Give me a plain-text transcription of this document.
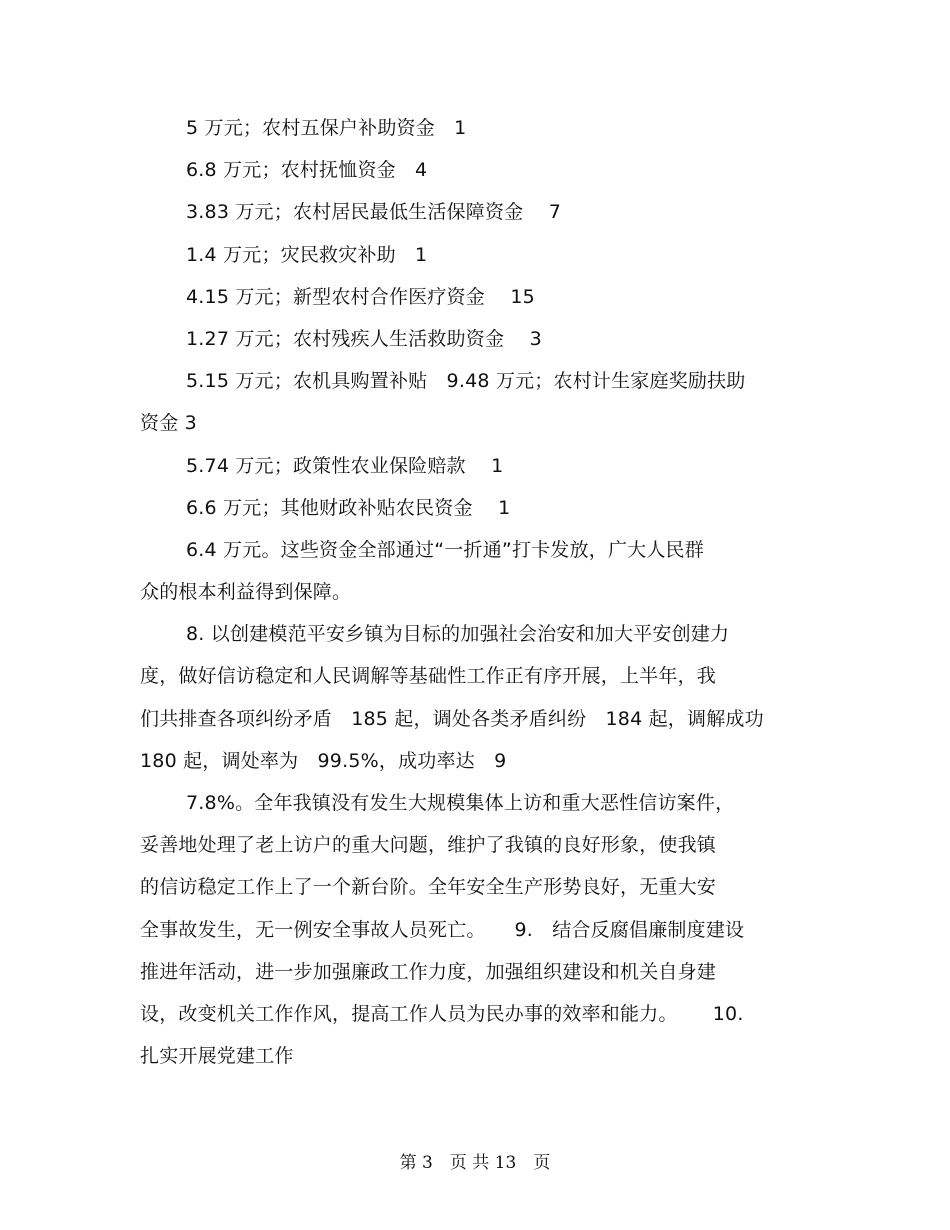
5 万元；农村五保户补助资金　1
6.8 万元；农村抚恤资金　4
3.83 万元；农村居民最低生活保障资金　 7
1.4 万元；灾民救灾补助　1
4.15 万元；新型农村合作医疗资金　 15
1.27 万元；农村残疾人生活救助资金　 3
5.15 万元；农机具购置补贴　9.48 万元；农村计生家庭奖励扶助
资金 3
5.74 万元；政策性农业保险赔款　 1
6.6 万元；其他财政补贴农民资金　 1
6.4 万元。这些资金全部通过“一折通”打卡发放，广大人民群
众的根本利益得到保障。
8. 以创建模范平安乡镇为目标的加强社会治安和加大平安创建力
度，做好信访稳定和人民调解等基础性工作正有序开展，上半年，我
们共排查各项纠纷矛盾　185 起，调处各类矛盾纠纷　184 起，调解成功
180 起，调处率为　99.5%，成功率达　9
7.8%。全年我镇没有发生大规模集体上访和重大恶性信访案件，
妥善地处理了老上访户的重大问题，维护了我镇的良好形象，使我镇
的信访稳定工作上了一个新台阶。全年安全生产形势良好，无重大安
全事故发生，无一例安全事故人员死亡。　　9.　结合反腐倡廉制度建设
推进年活动，进一步加强廉政工作力度，加强组织建设和机关自身建
设，改变机关工作作风，提高工作人员为民办事的效率和能力。　　 10.
扎实开展党建工作
第 3　页 共 13　页
